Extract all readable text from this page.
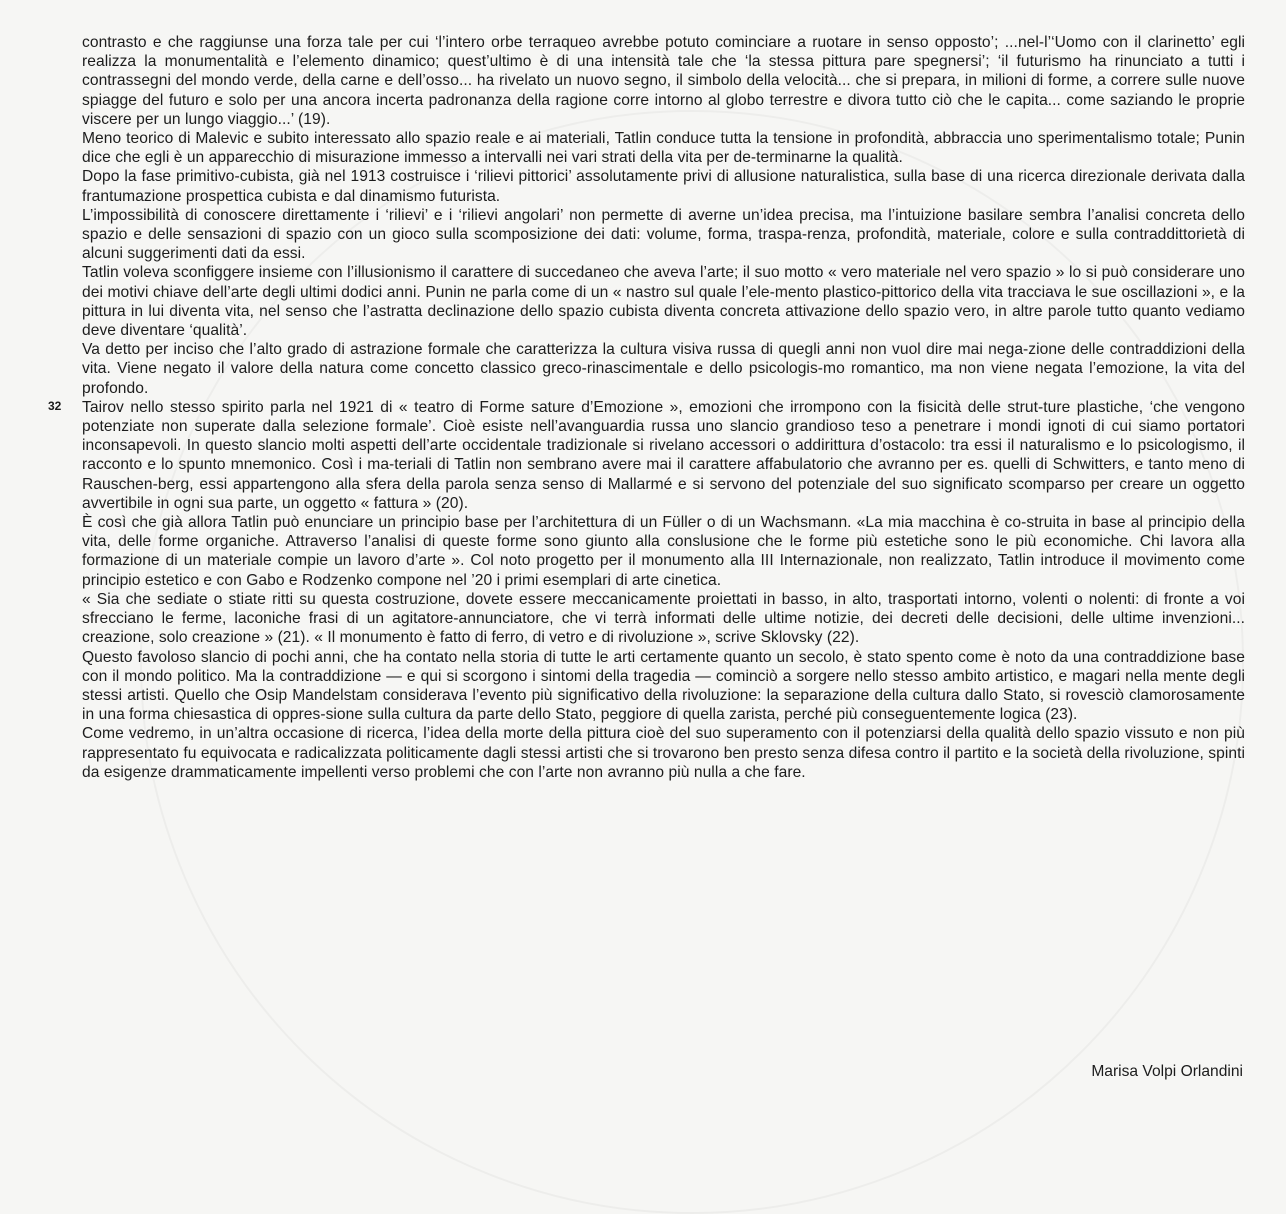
32

contrasto e che raggiunse una forza tale per cui ‘l’intero orbe terraqueo avrebbe potuto cominciare a ruotare in senso opposto’; ...nel-l’‘Uomo con il clarinetto’ egli realizza la monumentalità e l’elemento dinamico; quest’ultimo è di una intensità tale che ‘la stessa pittura pare spegnersi’; ‘il futurismo ha rinunciato a tutti i contrassegni del mondo verde, della carne e dell’osso... ha rivelato un nuovo segno, il simbolo della velocità... che si prepara, in milioni di forme, a correre sulle nuove spiagge del futuro e solo per una ancora incerta padronanza della ragione corre intorno al globo terrestre e divora tutto ciò che le capita... come saziando le proprie viscere per un lungo viaggio...’ (19).

Meno teorico di Malevic e subito interessato allo spazio reale e ai materiali, Tatlin conduce tutta la tensione in profondità, abbraccia uno sperimentalismo totale; Punin dice che egli è un apparecchio di misurazione immesso a intervalli nei vari strati della vita per de-terminarne la qualità.

Dopo la fase primitivo-cubista, già nel 1913 costruisce i ‘rilievi pittorici’ assolutamente privi di allusione naturalistica, sulla base di una ricerca direzionale derivata dalla frantumazione prospettica cubista e dal dinamismo futurista.

L’impossibilità di conoscere direttamente i ‘rilievi’ e i ‘rilievi angolari’ non permette di averne un’idea precisa, ma l’intuizione basilare sembra l’analisi concreta dello spazio e delle sensazioni di spazio con un gioco sulla scomposizione dei dati: volume, forma, traspa-renza, profondità, materiale, colore e sulla contraddittorietà di alcuni suggerimenti dati da essi.

Tatlin voleva sconfiggere insieme con l’illusionismo il carattere di succedaneo che aveva l’arte; il suo motto « vero materiale nel vero spazio » lo si può considerare uno dei motivi chiave dell’arte degli ultimi dodici anni. Punin ne parla come di un « nastro sul quale l’ele-mento plastico-pittorico della vita tracciava le sue oscillazioni », e la pittura in lui diventa vita, nel senso che l’astratta declinazione dello spazio cubista diventa concreta attivazione dello spazio vero, in altre parole tutto quanto vediamo deve diventare ‘qualità’.

Va detto per inciso che l’alto grado di astrazione formale che caratterizza la cultura visiva russa di quegli anni non vuol dire mai nega-zione delle contraddizioni della vita. Viene negato il valore della natura come concetto classico greco-rinascimentale e dello psicologis-mo romantico, ma non viene negata l’emozione, la vita del profondo.

Tairov nello stesso spirito parla nel 1921 di « teatro di Forme sature d’Emozione », emozioni che irrompono con la fisicità delle strut-ture plastiche, ‘che vengono potenziate non superate dalla selezione formale’. Cioè esiste nell’avanguardia russa uno slancio grandioso teso a penetrare i mondi ignoti di cui siamo portatori inconsapevoli. In questo slancio molti aspetti dell’arte occidentale tradizionale si rivelano accessori o addirittura d’ostacolo: tra essi il naturalismo e lo psicologismo, il racconto e lo spunto mnemonico. Così i ma-teriali di Tatlin non sembrano avere mai il carattere affabulatorio che avranno per es. quelli di Schwitters, e tanto meno di Rauschen-berg, essi appartengono alla sfera della parola senza senso di Mallarmé e si servono del potenziale del suo significato scomparso per creare un oggetto avvertibile in ogni sua parte, un oggetto « fattura » (20).

È così che già allora Tatlin può enunciare un principio base per l’architettura di un Füller o di un Wachsmann. «La mia macchina è co-struita in base al principio della vita, delle forme organiche. Attraverso l’analisi di queste forme sono giunto alla conslusione che le forme più estetiche sono le più economiche. Chi lavora alla formazione di un materiale compie un lavoro d’arte ». Col noto progetto per il monumento alla III Internazionale, non realizzato, Tatlin introduce il movimento come principio estetico e con Gabo e Rodzenko compone nel ’20 i primi esemplari di arte cinetica.

« Sia che sediate o stiate ritti su questa costruzione, dovete essere meccanicamente proiettati in basso, in alto, trasportati intorno, volenti o nolenti: di fronte a voi sfrecciano le ferme, laconiche frasi di un agitatore-annunciatore, che vi terrà informati delle ultime notizie, dei decreti delle decisioni, delle ultime invenzioni... creazione, solo creazione » (21). « Il monumento è fatto di ferro, di vetro e di rivoluzione », scrive Sklovsky (22).

Questo favoloso slancio di pochi anni, che ha contato nella storia di tutte le arti certamente quanto un secolo, è stato spento come è noto da una contraddizione base con il mondo politico. Ma la contraddizione — e qui si scorgono i sintomi della tragedia — cominciò a sorgere nello stesso ambito artistico, e magari nella mente degli stessi artisti. Quello che Osip Mandelstam considerava l’evento più significativo della rivoluzione: la separazione della cultura dallo Stato, si rovesciò clamorosamente in una forma chiesastica di oppres-sione sulla cultura da parte dello Stato, peggiore di quella zarista, perché più conseguentemente logica (23).

Come vedremo, in un’altra occasione di ricerca, l’idea della morte della pittura cioè del suo superamento con il potenziarsi della qualità dello spazio vissuto e non più rappresentato fu equivocata e radicalizzata politicamente dagli stessi artisti che si trovarono ben presto senza difesa contro il partito e la società della rivoluzione, spinti da esigenze drammaticamente impellenti verso problemi che con l’arte non avranno più nulla a che fare.

Marisa Volpi Orlandini
